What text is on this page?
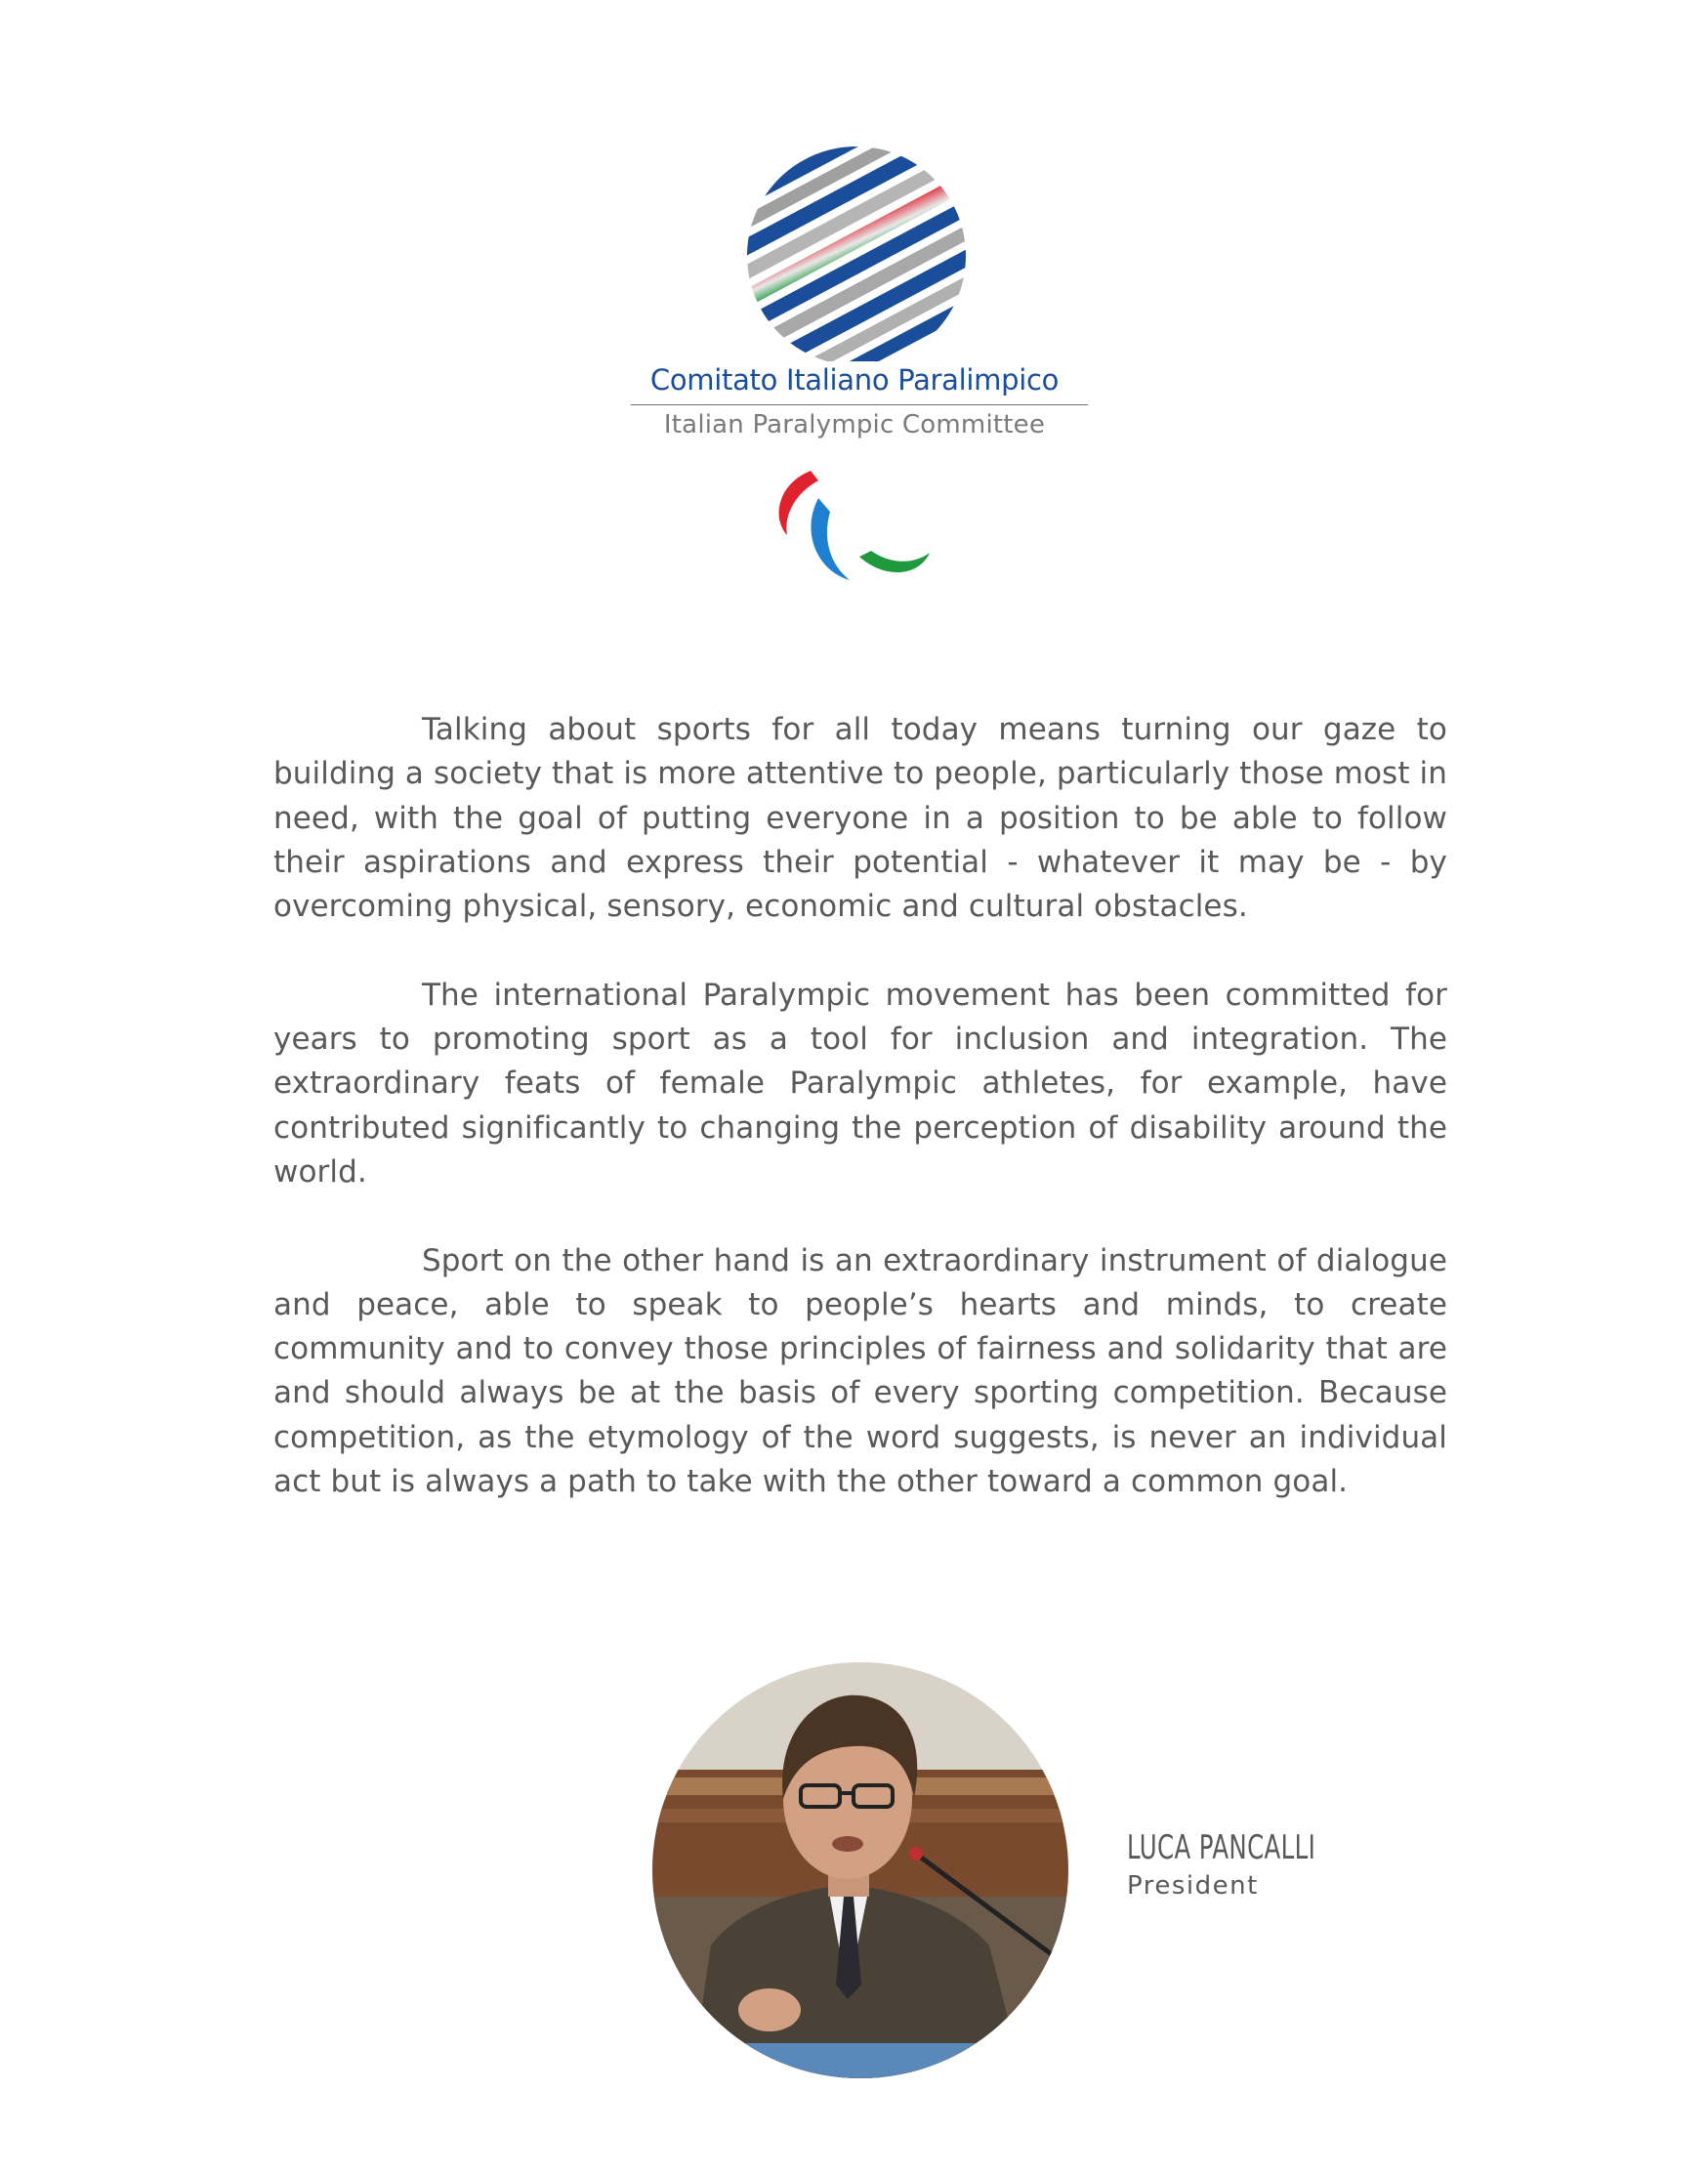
Comitato Italiano Paralimpico
Italian Paralympic Committee

Talking about sports for all today means turning our gaze to building a society that is more attentive to people, particularly those most in need, with the goal of putting everyone in a position to be able to follow their aspirations and express their potential - whatever it may be - by overcoming physical, sensory, economic and cultural obstacles.

The international Paralympic movement has been committed for years to promoting sport as a tool for inclusion and integration. The extraordinary feats of female Paralympic athletes, for example, have contributed significantly to changing the perception of disability around the world.

Sport on the other hand is an extraordinary instrument of dialogue and peace, able to speak to people’s hearts and minds, to create community and to convey those principles of fairness and solidarity that are and should always be at the basis of every sporting competition. Because competition, as the etymology of the word suggests, is never an individual act but is always a path to take with the other toward a common goal.

LUCA PANCALLI
President
